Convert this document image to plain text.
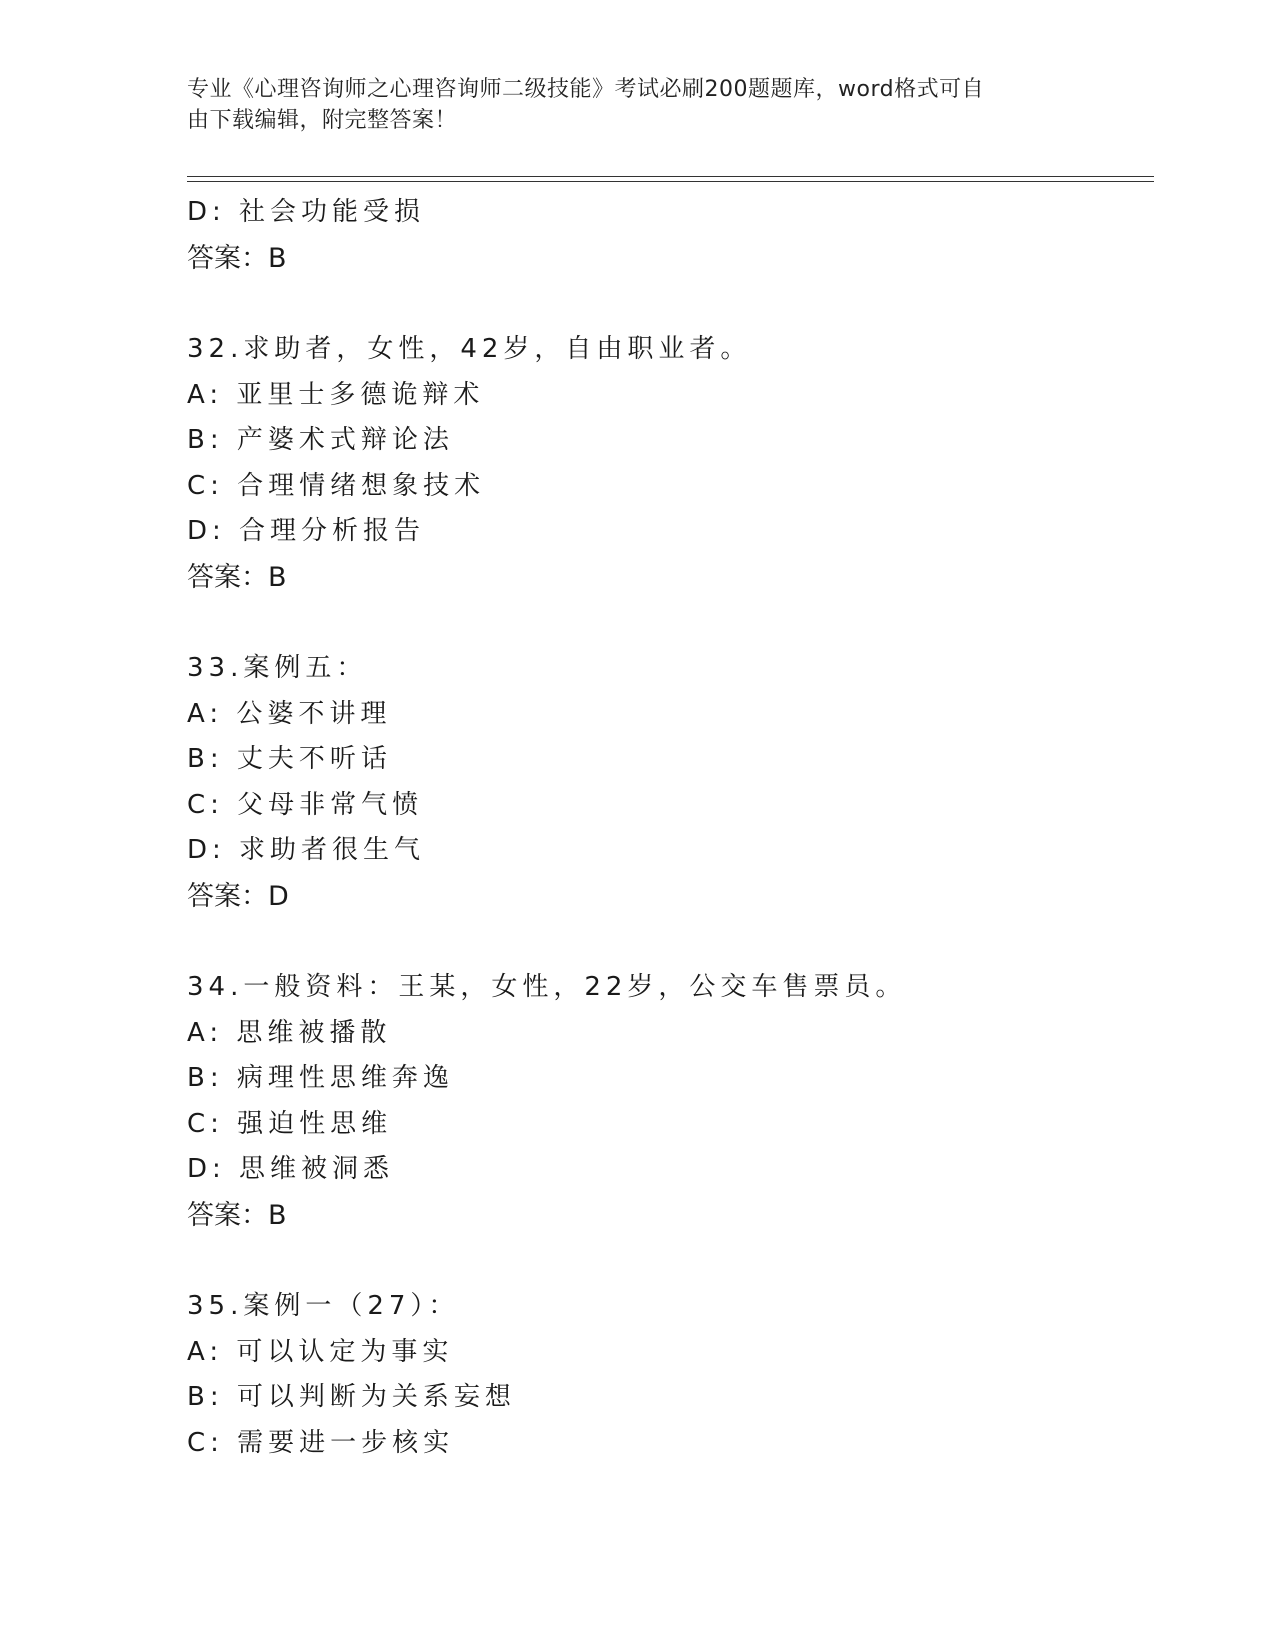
专业《心理咨询师之心理咨询师二级技能》考试必刷200题题库，word格式可自
由下载编辑，附完整答案！
D: 社会功能受损
答案：B
32.求助者，女性，42岁，自由职业者。
A: 亚里士多德诡辩术
B: 产婆术式辩论法
C: 合理情绪想象技术
D: 合理分析报告
答案：B
33.案例五：
A: 公婆不讲理
B: 丈夫不听话
C: 父母非常气愤
D: 求助者很生气
答案：D
34.一般资料：王某，女性，22岁，公交车售票员。
A: 思维被播散
B: 病理性思维奔逸
C: 强迫性思维
D: 思维被洞悉
答案：B
35.案例一（27）：
A: 可以认定为事实
B: 可以判断为关系妄想
C: 需要进一步核实
